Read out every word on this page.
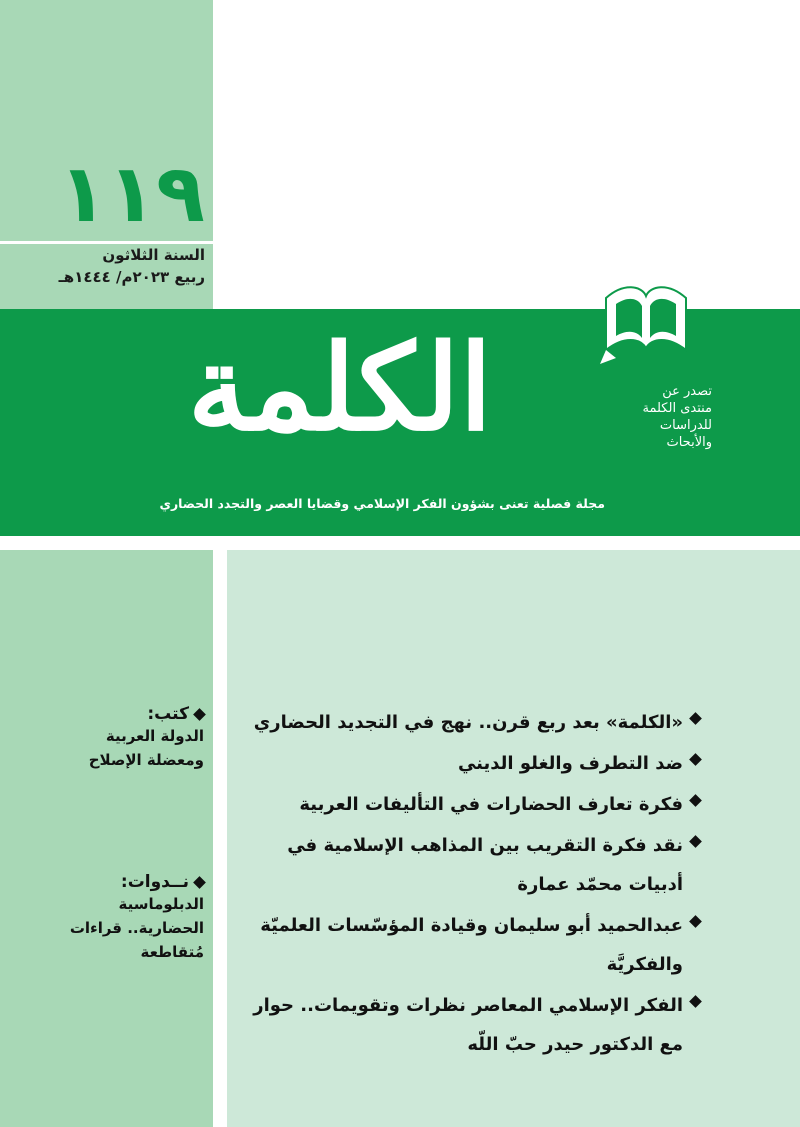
١١٩
السنة الثلاثون
ربيع ٢٠٢٣م/ ١٤٤٤هـ
الكلمة	تصدر عن
منتدى الكلمة
للدراسات
والأبحاث
مجلة فصلية تعنى بشؤون الفكر الإسلامي وقضايا العصر والتجدد الحضاري
كتب:
الدولة العربية
ومعضلة الإصلاح
نــدوات:
الدبلوماسية
الحضارية.. قراءات
مُتقاطعة
«الكلمة» بعد ربع قرن.. نهج في التجديد الحضاري
ضد التطرف والغلو الديني
فكرة تعارف الحضارات في التأليفات العربية
نقد فكرة التقريب بين المذاهب الإسلامية في أدبيات محمّد عمارة
عبدالحميد أبو سليمان وقيادة المؤسّسات العلميّة والفكريَّة
الفكر الإسلامي المعاصر نظرات وتقويمات.. حوار مع الدكتور حيدر حبّ اللّه
